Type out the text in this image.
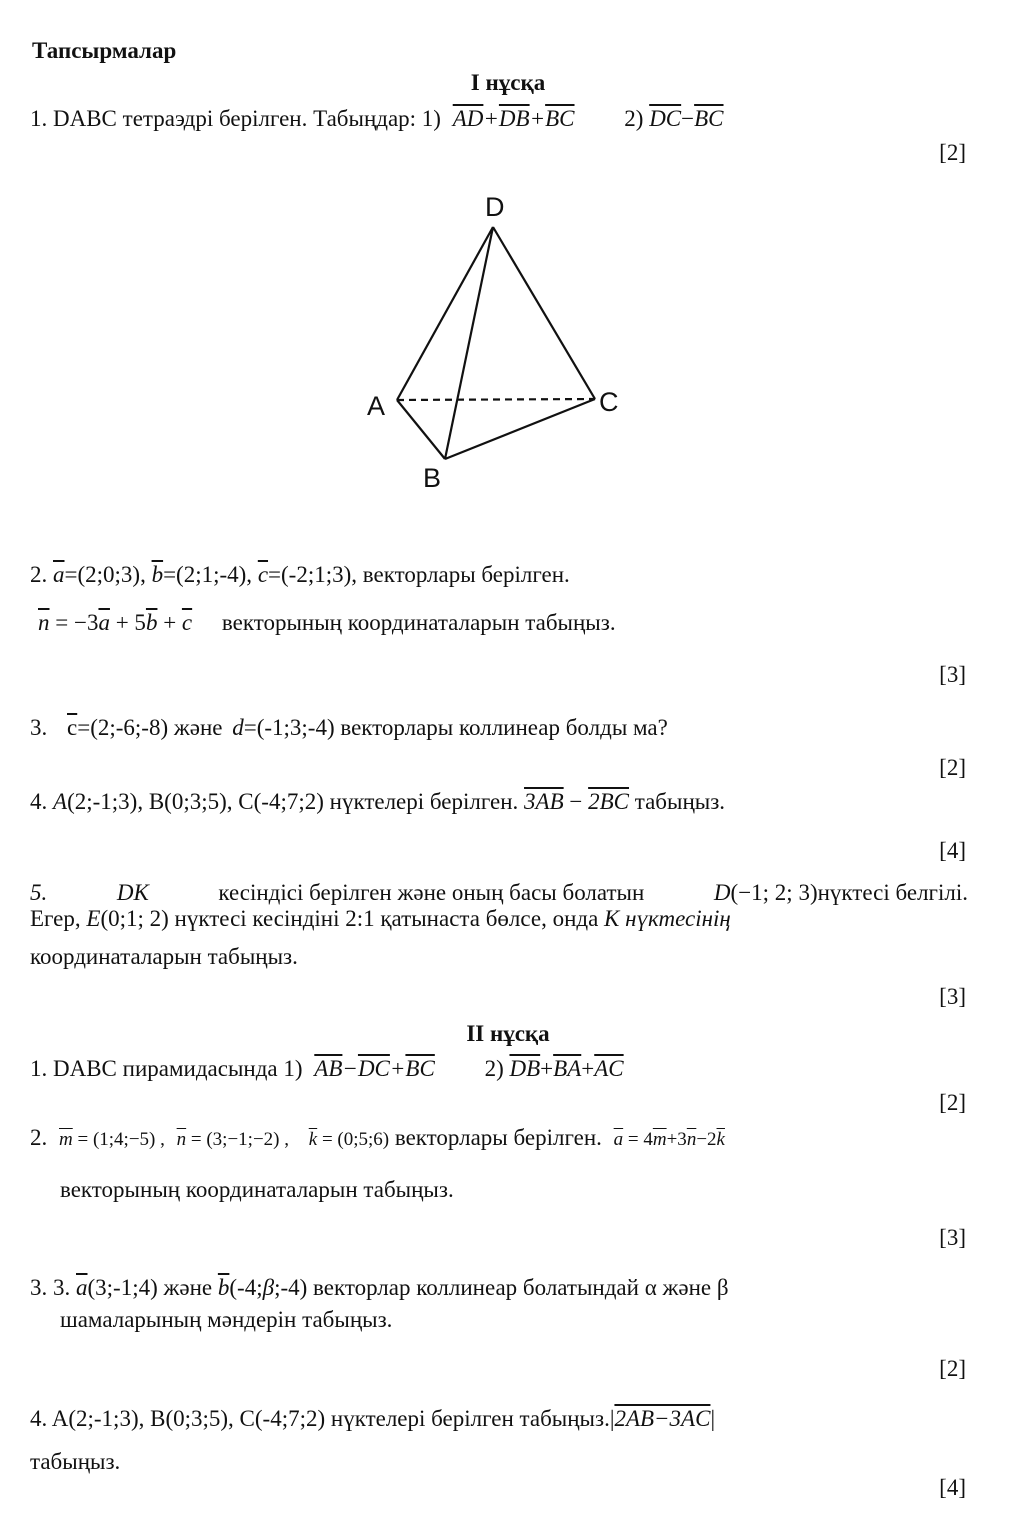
Тапсырмалар
I нұсқа
1. DABC тетраэдрі берілген. Табыңдар: 1) $\overline{AD}+\overline{DB}+\overline{BC}$ 2) $\overline{DC}-\overline{BC}$
[2]
D
A	C
B
2. $\overline{a}=(2;0;3)$, $\overline{b}=(2;1;-4)$, $\overline{c}=(-2;1;3)$, векторлары берілген.
$\overline{n} = -3\overline{a} + 5\overline{b} + \overline{c}$ векторының координаталарын табыңыз.
[3]
3. $\overline{c}=(2;-6;-8)$ және d=(-1;3;-4) векторлары коллинеар болды ма?
[2]
4. A(2;-1;3), B(0;3;5), C(-4;7;2) нүктелері берілген. 3AB − 2BC табыңыз.
[4]
5.	DK	кесіндісі берілген және оның басы болатын	D(−1; 2; 3)нүктесі белгілі.
Егер, E(0;1; 2) нүктесі кесіндіні 2:1 қатынаста бөлсе, онда K нүктесінің
координаталарын табыңыз.
[3]
II нұсқа
1. DABC пирамидасында 1) $\overline{AB}-\overline{DC}+\overline{BC}$ 2) $\overline{DB}+\overline{BA}+\overline{AC}$
[2]
2. $\overline{m}$ = (1;4;−5) , $\overline{n}$ = (3;−1;−2) , $\overline{k}$ = (0;5;6) векторлары берілген. $\overline{a} = 4\overline{m}+3\overline{n}-2\overline{k}$
векторының координаталарын табыңыз.
[3]
3. 3. $\overline{a}(3;-1;4)$ және $\overline{b}(-4;\beta;-4)$ векторлар коллинеар болатындай α және β
шамаларының мәндерін табыңыз.
[2]
4. A(2;-1;3), B(0;3;5), C(-4;7;2) нүктелері берілген табыңыз.|2AB−3AC|
табыңыз.
[4]
